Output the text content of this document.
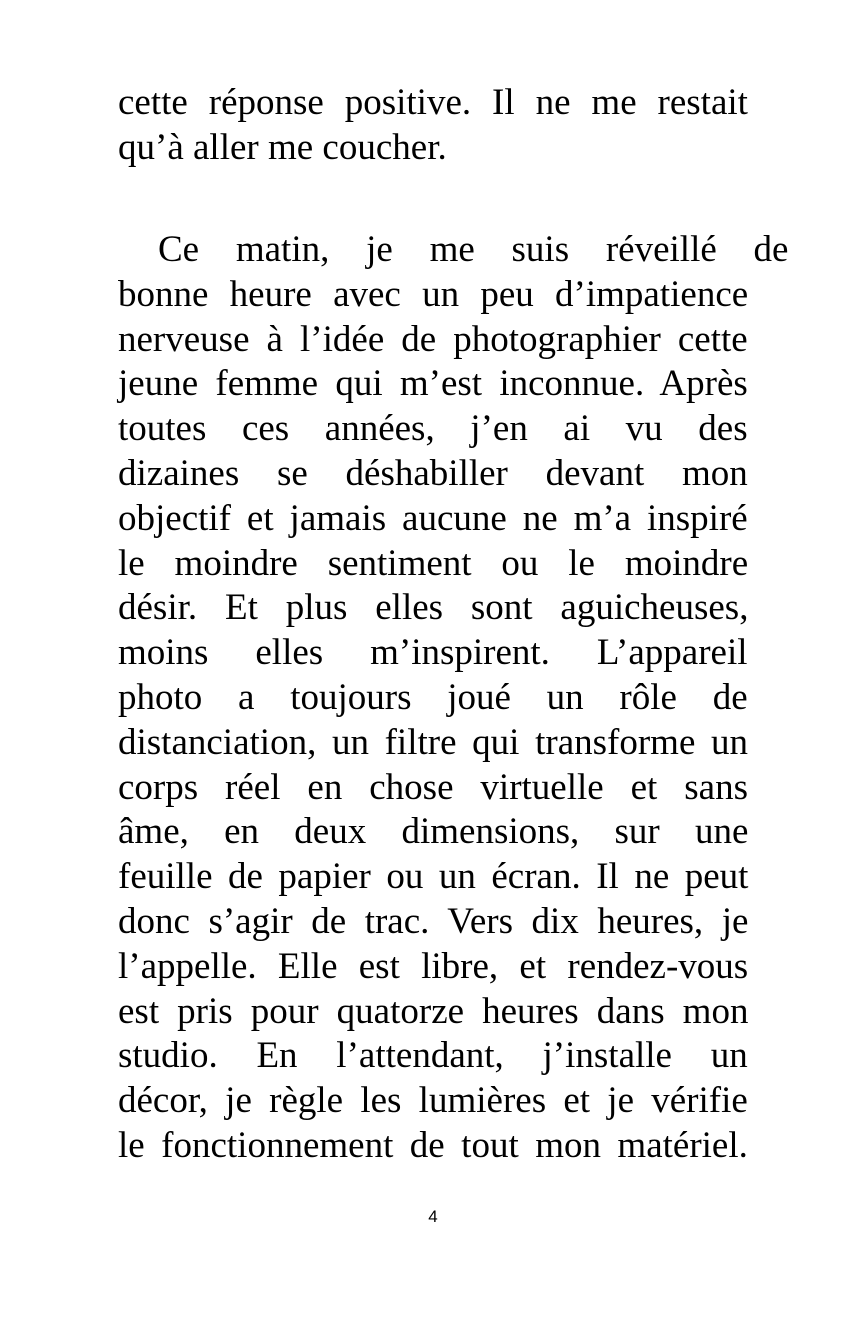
cette réponse positive. Il ne me restait
qu’à aller me coucher.
Ce matin, je me suis réveillé de
bonne heure avec un peu d’impatience
nerveuse à l’idée de photographier cette
jeune femme qui m’est inconnue. Après
toutes ces années, j’en ai vu des
dizaines se déshabiller devant mon
objectif et jamais aucune ne m’a inspiré
le moindre sentiment ou le moindre
désir. Et plus elles sont aguicheuses,
moins elles m’inspirent. L’appareil
photo a toujours joué un rôle de
distanciation, un filtre qui transforme un
corps réel en chose virtuelle et sans
âme, en deux dimensions, sur une
feuille de papier ou un écran. Il ne peut
donc s’agir de trac. Vers dix heures, je
l’appelle. Elle est libre, et rendez-vous
est pris pour quatorze heures dans mon
studio. En l’attendant, j’installe un
décor, je règle les lumières et je vérifie
le fonctionnement de tout mon matériel.
4
